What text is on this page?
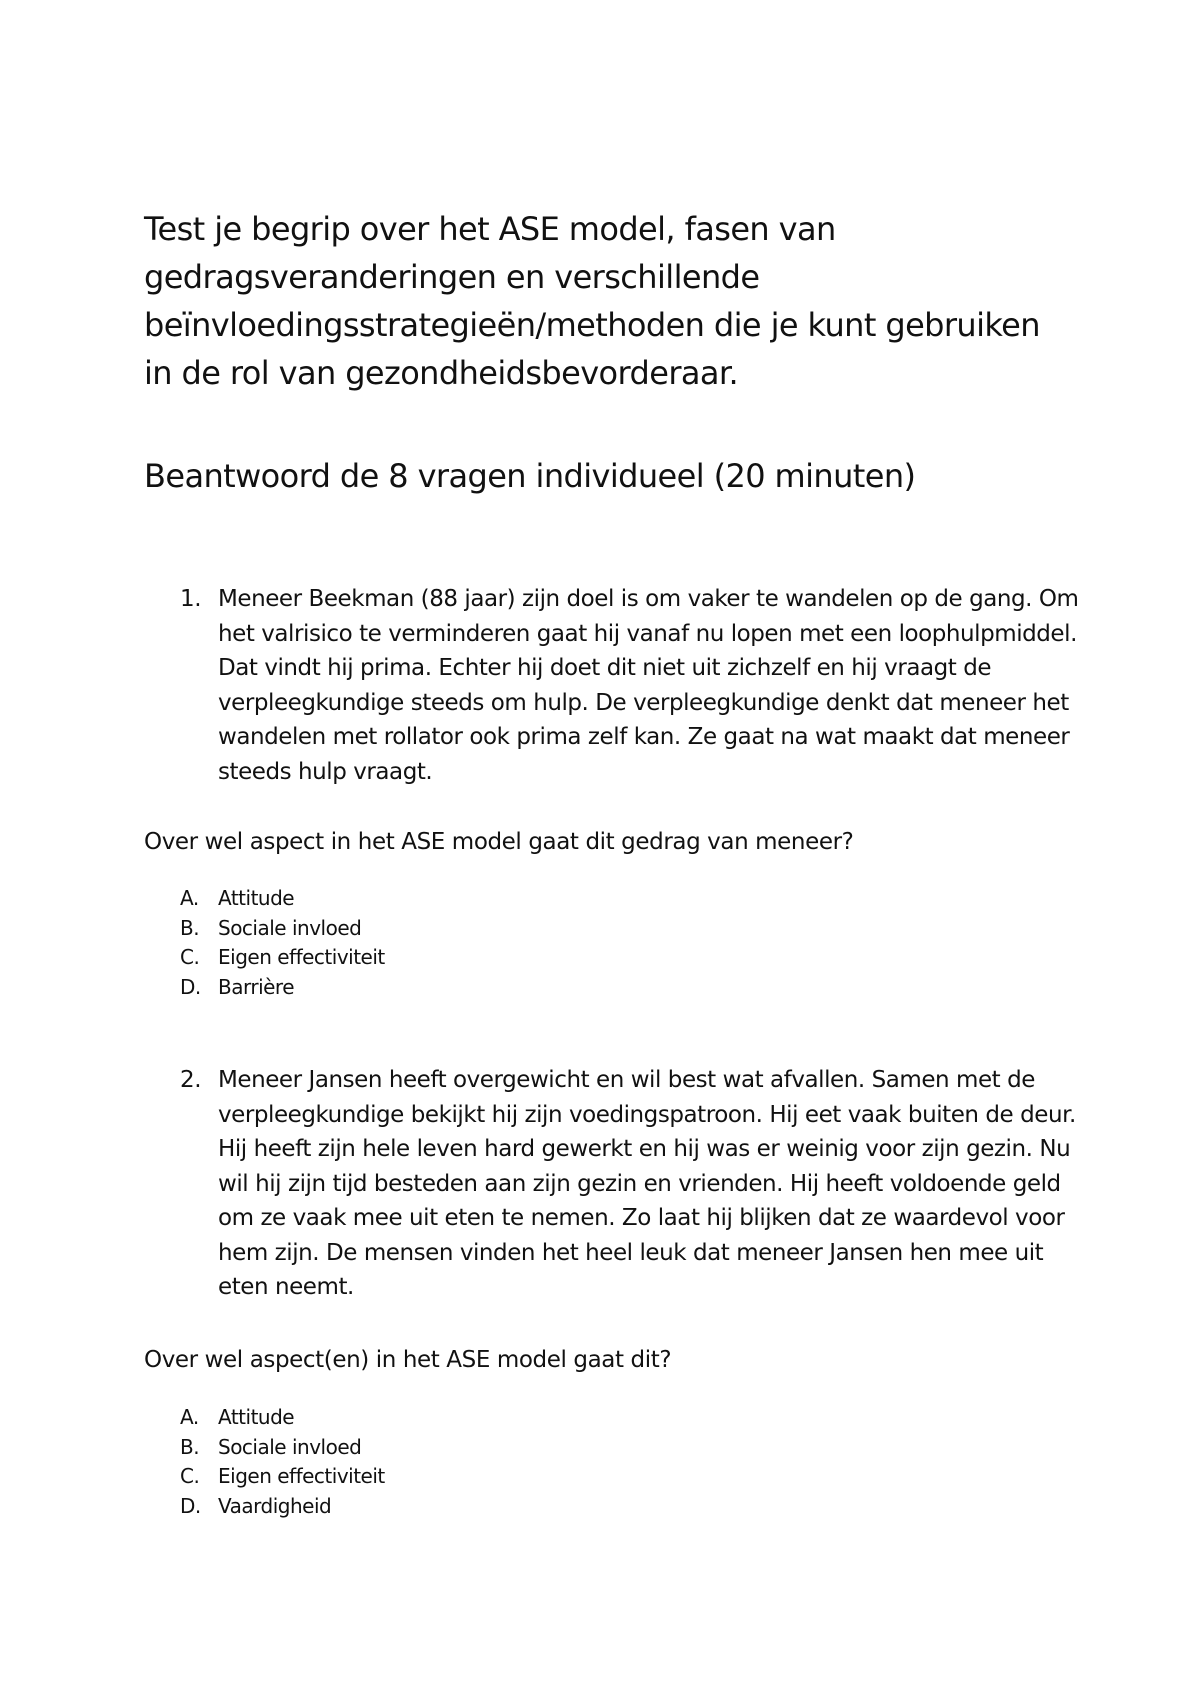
Test je begrip over het ASE model, fasen van gedragsveranderingen en verschillende beïnvloedingsstrategieën/methoden die je kunt gebruiken in de rol van gezondheidsbevorderaar.
Beantwoord de 8 vragen individueel (20 minuten)
1. Meneer Beekman (88 jaar) zijn doel is om vaker te wandelen op de gang. Om het valrisico te verminderen gaat hij vanaf nu lopen met een loophulpmiddel. Dat vindt hij prima. Echter hij doet dit niet uit zichzelf en hij vraagt de verpleegkundige steeds om hulp. De verpleegkundige denkt dat meneer het wandelen met rollator ook prima zelf kan. Ze gaat na wat maakt dat meneer steeds hulp vraagt.

Over wel aspect in het ASE model gaat dit gedrag van meneer?

A. Attitude
B. Sociale invloed
C. Eigen effectiviteit
D. Barrière
2. Meneer Jansen heeft overgewicht en wil best wat afvallen. Samen met de verpleegkundige bekijkt hij zijn voedingspatroon. Hij eet vaak buiten de deur. Hij heeft zijn hele leven hard gewerkt en hij was er weinig voor zijn gezin. Nu wil hij zijn tijd besteden aan zijn gezin en vrienden. Hij heeft voldoende geld om ze vaak mee uit eten te nemen. Zo laat hij blijken dat ze waardevol voor hem zijn. De mensen vinden het heel leuk dat meneer Jansen hen mee uit eten neemt.

Over wel aspect(en) in het ASE model gaat dit?

A. Attitude
B. Sociale invloed
C. Eigen effectiviteit
D. Vaardigheid
